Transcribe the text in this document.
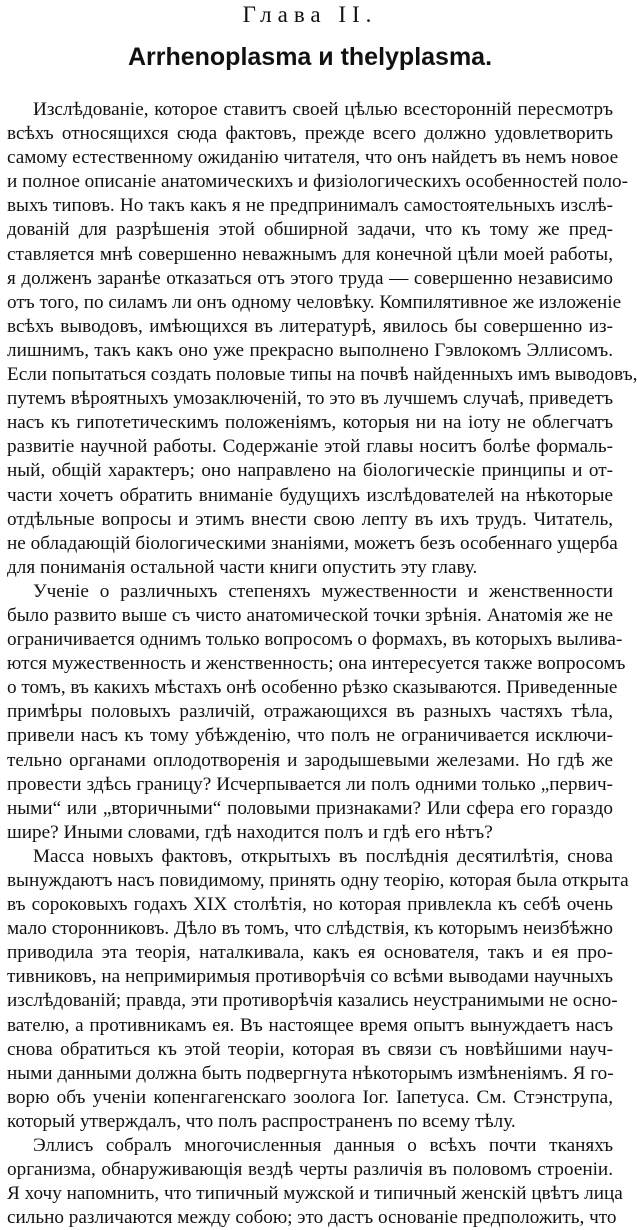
Глава II.
Arrhenoplasma и thelyplasma.
Изслѣдованіе, которое ставитъ своей цѣлью всесторонній пересмотръ
всѣхъ относящихся сюда фактовъ, прежде всего должно удовлетворить
самому естественному ожиданію читателя, что онъ найдетъ въ немъ новое
и полное описаніе анатомическихъ и физіологическихъ особенностей поло-
выхъ типовъ. Но такъ какъ я не предпринималъ самостоятельныхъ изслѣ-
дованій для разрѣшенія этой обширной задачи, что къ тому же пред-
ставляется мнѣ совершенно неважнымъ для конечной цѣли моей работы,
я долженъ заранѣе отказаться отъ этого труда — совершенно независимо
отъ того, по силамъ ли онъ одному человѣку. Компилятивное же изложеніе
всѣхъ выводовъ, имѣющихся въ литературѣ, явилось бы совершенно из-
лишнимъ, такъ какъ оно уже прекрасно выполнено Гэвлокомъ Эллисомъ.
Если попытаться создать половые типы на почвѣ найденныхъ имъ выводовъ,
путемъ вѣроятныхъ умозаключеній, то это въ лучшемъ случаѣ, приведетъ
насъ къ гипотетическимъ положеніямъ, которыя ни на іоту не облегчатъ
развитіе научной работы. Содержаніе этой главы носитъ болѣе формаль-
ный, общій характеръ; оно направлено на біологическіе принципы и от-
части хочетъ обратить вниманіе будущихъ изслѣдователей на нѣкоторые
отдѣльные вопросы и этимъ внести свою лепту въ ихъ трудъ. Читатель,
не обладающій біологическими знаніями, можетъ безъ особеннаго ущерба
для пониманія остальной части книги опустить эту главу.
Ученіе о различныхъ степеняхъ мужественности и женственности
было развито выше съ чисто анатомической точки зрѣнія. Анатомія же не
ограничивается однимъ только вопросомъ о формахъ, въ которыхъ вылива-
ются мужественность и женственность; она интересуется также вопросомъ
о томъ, въ какихъ мѣстахъ онѣ особенно рѣзко сказываются. Приведенные
примѣры половыхъ различій, отражающихся въ разныхъ частяхъ тѣла,
привели насъ къ тому убѣжденію, что полъ не ограничивается исключи-
тельно органами оплодотворенія и зародышевыми железами. Но гдѣ же
провести здѣсь границу? Исчерпывается ли полъ одними только „первич-
ными“ или „вторичными“ половыми признаками? Или сфера его гораздо
шире? Иными словами, гдѣ находится полъ и гдѣ его нѣтъ?
Масса новыхъ фактовъ, открытыхъ въ послѣднія десятилѣтія, снова
вынуждаютъ насъ повидимому, принять одну теорію, которая была открыта
въ сороковыхъ годахъ XIX столѣтія, но которая привлекла къ себѣ очень
мало сторонниковъ. Дѣло въ томъ, что слѣдствія, къ которымъ неизбѣжно
приводила эта теорія, наталкивала, какъ ея основателя, такъ и ея про-
тивниковъ, на непримиримыя противорѣчія со всѣми выводами научныхъ
изслѣдованій; правда, эти противорѣчія казались неустранимыми не осно-
вателю, а противникамъ ея. Въ настоящее время опытъ вынуждаетъ насъ
снова обратиться къ этой теоріи, которая въ связи съ новѣйшими науч-
ными данными должна быть подвергнута нѣкоторымъ измѣненіямъ. Я го-
ворю объ ученіи копенгагенскаго зоолога Іог. Іапетуса. См. Стэнструпа,
который утверждалъ, что полъ распространенъ по всему тѣлу.
Эллисъ собралъ многочисленныя данныя о всѣхъ почти тканяхъ
организма, обнаруживающія вездѣ черты различія въ половомъ строеніи.
Я хочу напомнить, что типичный мужской и типичный женскій цвѣтъ лица
сильно различаются между собою; это дастъ основаніе предположить, что
